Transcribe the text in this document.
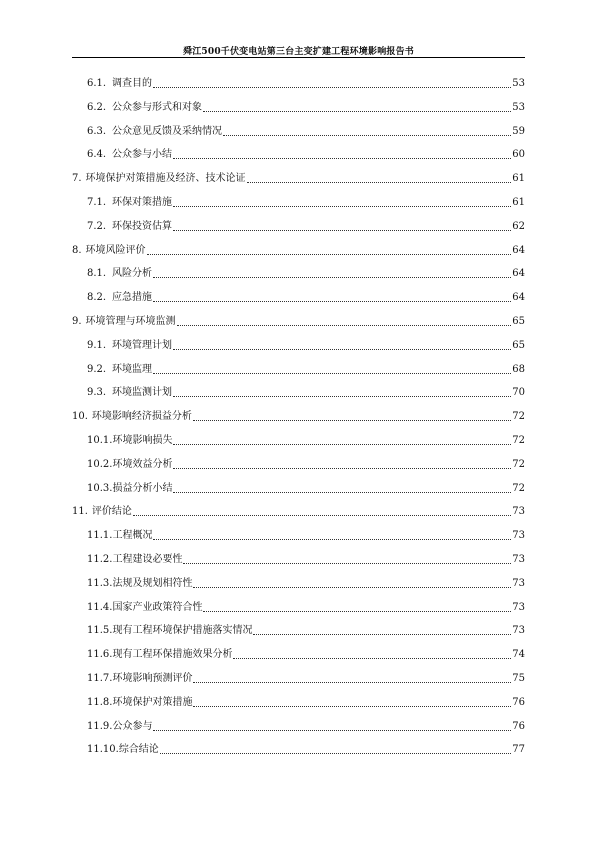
舜江500千伏变电站第三台主变扩建工程环境影响报告书
6.1. 调查目的	53
6.2. 公众参与形式和对象	53
6.3. 公众意见反馈及采纳情况	59
6.4. 公众参与小结	60
7. 环境保护对策措施及经济、技术论证	61
7.1. 环保对策措施	61
7.2. 环保投资估算	62
8. 环境风险评价	64
8.1. 风险分析	64
8.2. 应急措施	64
9. 环境管理与环境监测	65
9.1. 环境管理计划	65
9.2. 环境监理	68
9.3. 环境监测计划	70
10. 环境影响经济损益分析	72
10.1. 环境影响损失	72
10.2. 环境效益分析	72
10.3. 损益分析小结	72
11. 评价结论	73
11.1. 工程概况	73
11.2. 工程建设必要性	73
11.3. 法规及规划相符性	73
11.4. 国家产业政策符合性	73
11.5. 现有工程环境保护措施落实情况	73
11.6. 现有工程环保措施效果分析	74
11.7. 环境影响预测评价	75
11.8. 环境保护对策措施	76
11.9. 公众参与	76
11.10. 综合结论	77
